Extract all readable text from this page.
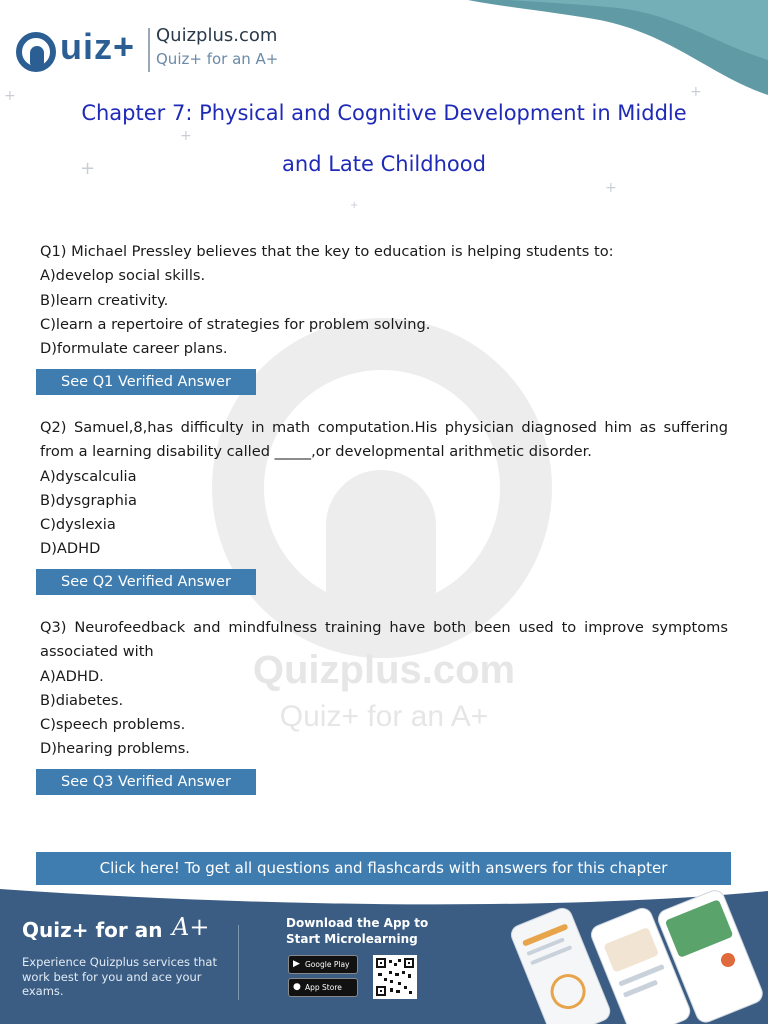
uiz+ Quizplus.com
Quiz+ for an A+
+
+
+
+
+
+
Chapter 7: Physical and Cognitive Development in Middle
and Late Childhood
Quizplus.com
Quiz+ for an A+
Q1) Michael Pressley believes that the key to education is helping students to:
A)develop social skills.
B)learn creativity.
C)learn a repertoire of strategies for problem solving.
D)formulate career plans.
See Q1 Verified Answer
Q2) Samuel,8,has difficulty in math computation.His physician diagnosed him as suffering from a learning disability called _____,or developmental arithmetic disorder.
A)dyscalculia
B)dysgraphia
C)dyslexia
D)ADHD
See Q2 Verified Answer
Q3) Neurofeedback and mindfulness training have both been used to improve symptoms associated with
A)ADHD.
B)diabetes.
C)speech problems.
D)hearing problems.
See Q3 Verified Answer
Click here! To get all questions and flashcards with answers for this chapter
Quiz+ for an A+
Experience Quizplus services that work best for you and ace your exams.
Download the App to Start Microlearning
▶ Google Play
● App Store
